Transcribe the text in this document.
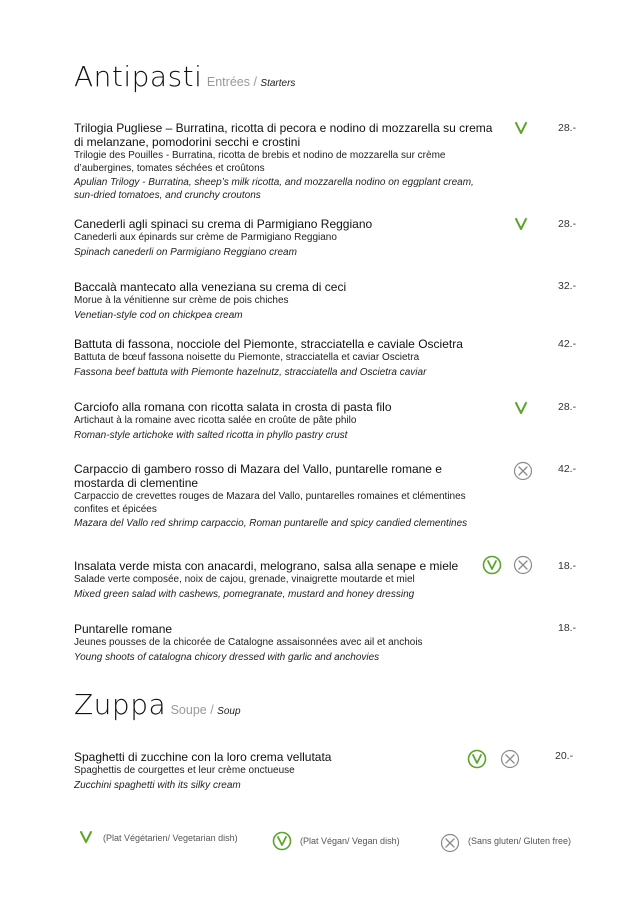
Antipasti Entrées / Starters
Trilogia Pugliese – Burratina, ricotta di pecora e nodino di mozzarella su crema di melanzane, pomodorini secchi e crostini
Trilogie des Pouilles - Burratina, ricotta de brebis et nodino de mozzarella sur crème d’aubergines, tomates séchées et croûtons
Apulian Trilogy - Burratina, sheep’s milk ricotta, and mozzarella nodino on eggplant cream, sun-dried tomatoes, and crunchy croutons
28.-
Canederli agli spinaci su crema di Parmigiano Reggiano
Canederli aux épinards sur crème de Parmigiano Reggiano
Spinach canederli on Parmigiano Reggiano cream
28.-
Baccalà mantecato alla veneziana su crema di ceci
Morue à la vénitienne sur crème de pois chiches
Venetian-style cod on chickpea cream
32.-
Battuta di fassona, nocciole del Piemonte, stracciatella e caviale Oscietra
Battuta de bœuf fassona noisette du Piemonte, stracciatella et caviar Oscietra
Fassona beef battuta with Piemonte hazelnutz, stracciatella and Oscietra caviar
42.-
Carciofo alla romana con ricotta salata in crosta di pasta filo
Artichaut à la romaine avec ricotta salée en croûte de pâte philo
Roman-style artichoke with salted ricotta in phyllo pastry crust
28.-
Carpaccio di gambero rosso di Mazara del Vallo, puntarelle romane e mostarda di clementine
Carpaccio de crevettes rouges de Mazara del Vallo, puntarelles romaines et clémentines confites et épicées
Mazara del Vallo red shrimp carpaccio, Roman puntarelle and spicy candied clementines
42.-
Insalata verde mista con anacardi, melograno, salsa alla senape e miele
Salade verte composée, noix de cajou, grenade, vinaigrette moutarde et miel
Mixed green salad with cashews, pomegranate, mustard and honey dressing
18.-
Puntarelle romane
Jeunes pousses de la chicorée de Catalogne assaisonnées avec ail et anchois
Young shoots of catalogna chicory dressed with garlic and anchovies
18.-
Zuppa Soupe / Soup
Spaghetti di zucchine con la loro crema vellutata
Spaghettis de courgettes et leur crème onctueuse
Zucchini spaghetti with its silky cream
20.-
(Plat Végétarien/ Vegetarian dish)	(Plat Végan/ Vegan dish)	(Sans gluten/ Gluten free)
